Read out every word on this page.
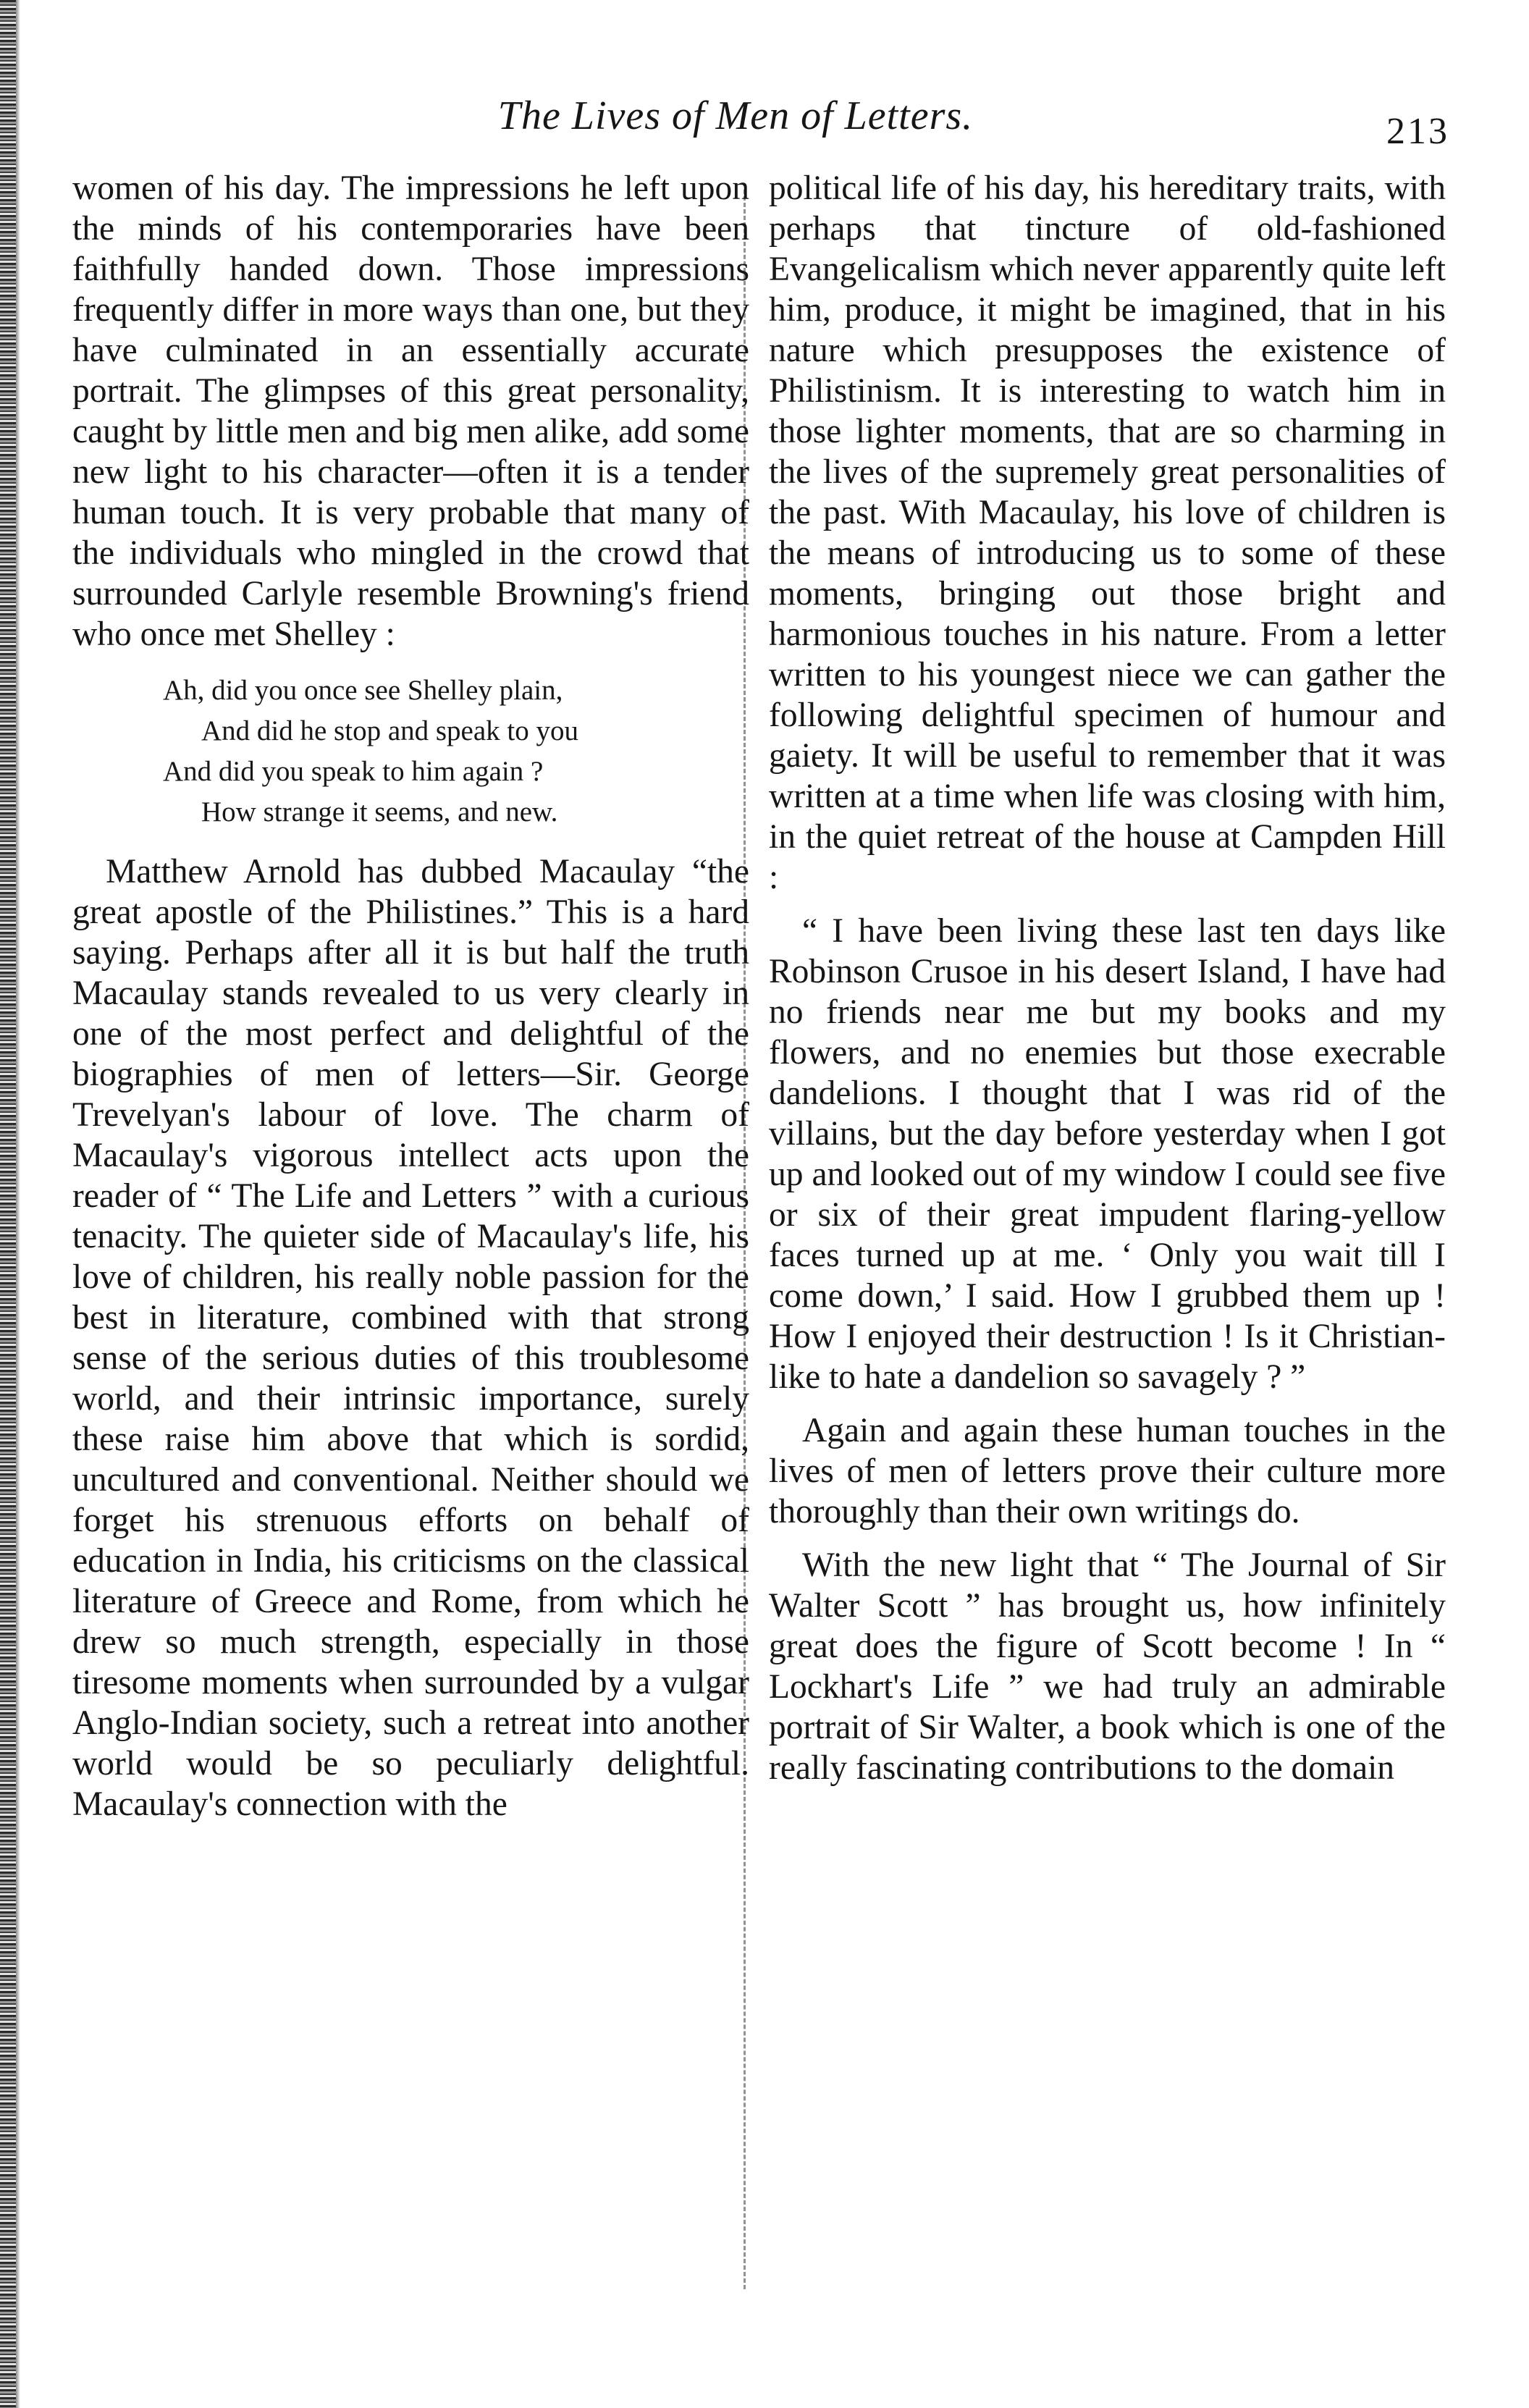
The Lives of Men of Letters.	213

women of his day. The impressions he left upon the minds of his contemporaries have been faithfully handed down. Those impressions frequently differ in more ways than one, but they have culminated in an essentially accurate portrait. The glimpses of this great personality, caught by little men and big men alike, add some new light to his character—often it is a tender human touch. It is very probable that many of the individuals who mingled in the crowd that surrounded Carlyle resemble Browning's friend who once met Shelley :

Ah, did you once see Shelley plain,
And did he stop and speak to you
And did you speak to him again ?
How strange it seems, and new.

Matthew Arnold has dubbed Macaulay “the great apostle of the Philistines.” This is a hard saying. Perhaps after all it is but half the truth Macaulay stands revealed to us very clearly in one of the most perfect and delightful of the biographies of men of letters—Sir. George Trevelyan's labour of love. The charm of Macaulay's vigorous intellect acts upon the reader of “ The Life and Letters ” with a curious tenacity. The quieter side of Macaulay's life, his love of children, his really noble passion for the best in literature, combined with that strong sense of the serious duties of this troublesome world, and their intrinsic importance, surely these raise him above that which is sordid, uncultured and conventional. Neither should we forget his strenuous efforts on behalf of education in India, his criticisms on the classical literature of Greece and Rome, from which he drew so much strength, especially in those tiresome moments when surrounded by a vulgar Anglo-Indian society, such a retreat into another world would be so peculiarly delightful. Macaulay's connection with the

political life of his day, his hereditary traits, with perhaps that tincture of old-fashioned Evangelicalism which never apparently quite left him, produce, it might be imagined, that in his nature which presupposes the existence of Philistinism. It is interesting to watch him in those lighter moments, that are so charming in the lives of the supremely great personalities of the past. With Macaulay, his love of children is the means of introducing us to some of these moments, bringing out those bright and harmonious touches in his nature. From a letter written to his youngest niece we can gather the following delightful specimen of humour and gaiety. It will be useful to remember that it was written at a time when life was closing with him, in the quiet retreat of the house at Campden Hill :

“ I have been living these last ten days like Robinson Crusoe in his desert Island, I have had no friends near me but my books and my flowers, and no enemies but those execrable dandelions. I thought that I was rid of the villains, but the day before yesterday when I got up and looked out of my window I could see five or six of their great impudent flaring-yellow faces turned up at me. ‘ Only you wait till I come down,’ I said. How I grubbed them up ! How I enjoyed their destruction ! Is it Christian-like to hate a dandelion so savagely ? ”

Again and again these human touches in the lives of men of letters prove their culture more thoroughly than their own writings do.

With the new light that “ The Journal of Sir Walter Scott ” has brought us, how infinitely great does the figure of Scott become ! In “ Lockhart's Life ” we had truly an admirable portrait of Sir Walter, a book which is one of the really fascinating contributions to the domain
